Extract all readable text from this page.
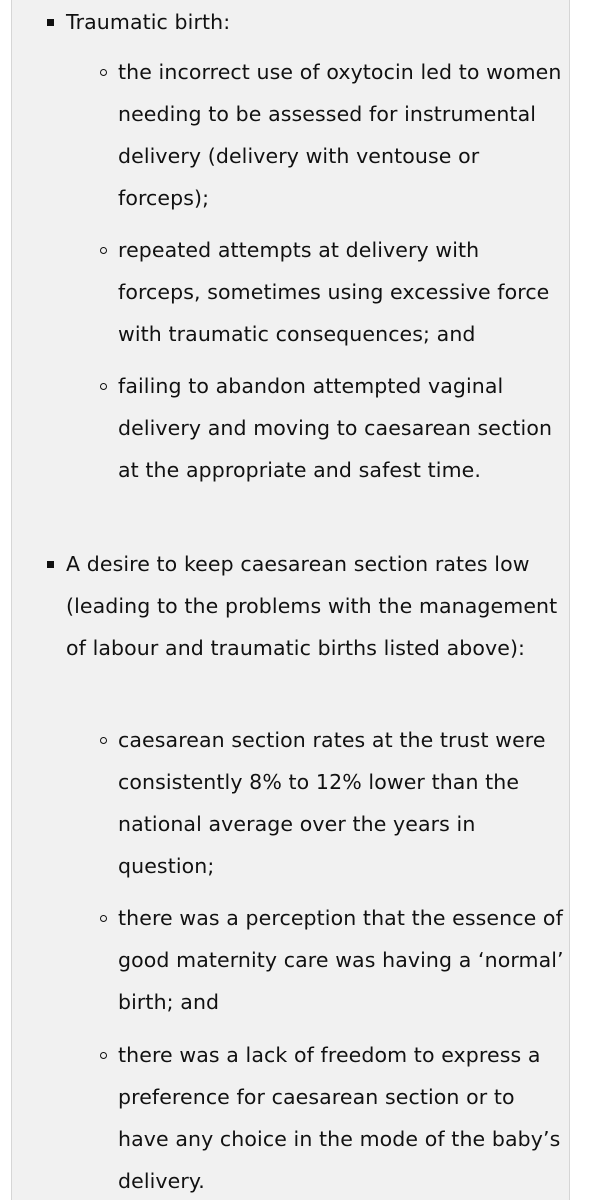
Traumatic birth:

the incorrect use of oxytocin led to women needing to be assessed for instrumental delivery (delivery with ventouse or forceps);

repeated attempts at delivery with forceps, sometimes using excessive force with traumatic consequences; and

failing to abandon attempted vaginal delivery and moving to caesarean section at the appropriate and safest time.

A desire to keep caesarean section rates low (leading to the problems with the management of labour and traumatic births listed above):

caesarean section rates at the trust were consistently 8% to 12% lower than the national average over the years in question;

there was a perception that the essence of good maternity care was having a ‘normal’ birth; and

there was a lack of freedom to express a preference for caesarean section or to have any choice in the mode of the baby’s delivery.
